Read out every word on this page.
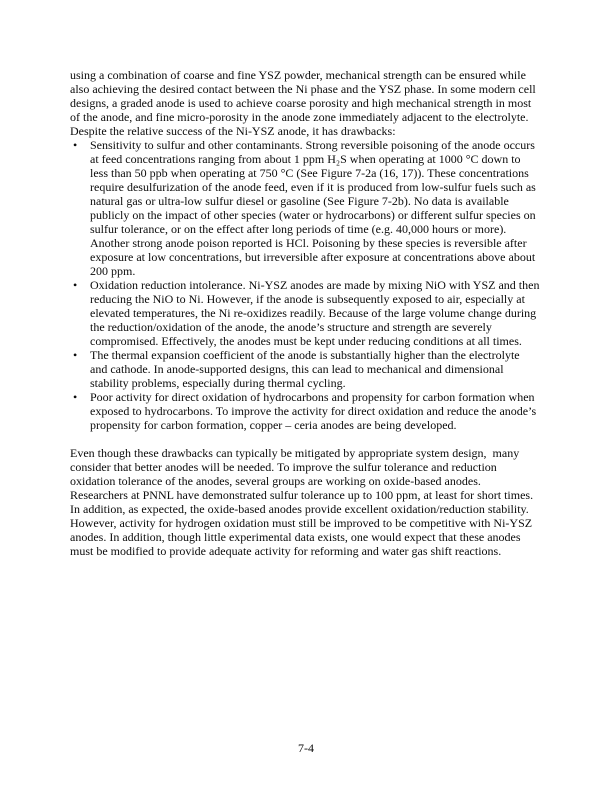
using a combination of coarse and fine YSZ powder, mechanical strength can be ensured while
also achieving the desired contact between the Ni phase and the YSZ phase. In some modern cell
designs, a graded anode is used to achieve coarse porosity and high mechanical strength in most
of the anode, and fine micro-porosity in the anode zone immediately adjacent to the electrolyte.
Despite the relative success of the Ni-YSZ anode, it has drawbacks:
• Sensitivity to sulfur and other contaminants. Strong reversible poisoning of the anode occurs
at feed concentrations ranging from about 1 ppm H₂S when operating at 1000 °C down to
less than 50 ppb when operating at 750 °C (See Figure 7-2a (16, 17)). These concentrations
require desulfurization of the anode feed, even if it is produced from low-sulfur fuels such as
natural gas or ultra-low sulfur diesel or gasoline (See Figure 7-2b). No data is available
publicly on the impact of other species (water or hydrocarbons) or different sulfur species on
sulfur tolerance, or on the effect after long periods of time (e.g. 40,000 hours or more).
Another strong anode poison reported is HCl. Poisoning by these species is reversible after
exposure at low concentrations, but irreversible after exposure at concentrations above about
200 ppm.
• Oxidation reduction intolerance. Ni-YSZ anodes are made by mixing NiO with YSZ and then
reducing the NiO to Ni. However, if the anode is subsequently exposed to air, especially at
elevated temperatures, the Ni re-oxidizes readily. Because of the large volume change during
the reduction/oxidation of the anode, the anode’s structure and strength are severely
compromised. Effectively, the anodes must be kept under reducing conditions at all times.
• The thermal expansion coefficient of the anode is substantially higher than the electrolyte
and cathode. In anode-supported designs, this can lead to mechanical and dimensional
stability problems, especially during thermal cycling.
• Poor activity for direct oxidation of hydrocarbons and propensity for carbon formation when
exposed to hydrocarbons. To improve the activity for direct oxidation and reduce the anode’s
propensity for carbon formation, copper – ceria anodes are being developed.
Even though these drawbacks can typically be mitigated by appropriate system design,  many
consider that better anodes will be needed. To improve the sulfur tolerance and reduction
oxidation tolerance of the anodes, several groups are working on oxide-based anodes.
Researchers at PNNL have demonstrated sulfur tolerance up to 100 ppm, at least for short times.
In addition, as expected, the oxide-based anodes provide excellent oxidation/reduction stability.
However, activity for hydrogen oxidation must still be improved to be competitive with Ni-YSZ
anodes. In addition, though little experimental data exists, one would expect that these anodes
must be modified to provide adequate activity for reforming and water gas shift reactions.
7-4
